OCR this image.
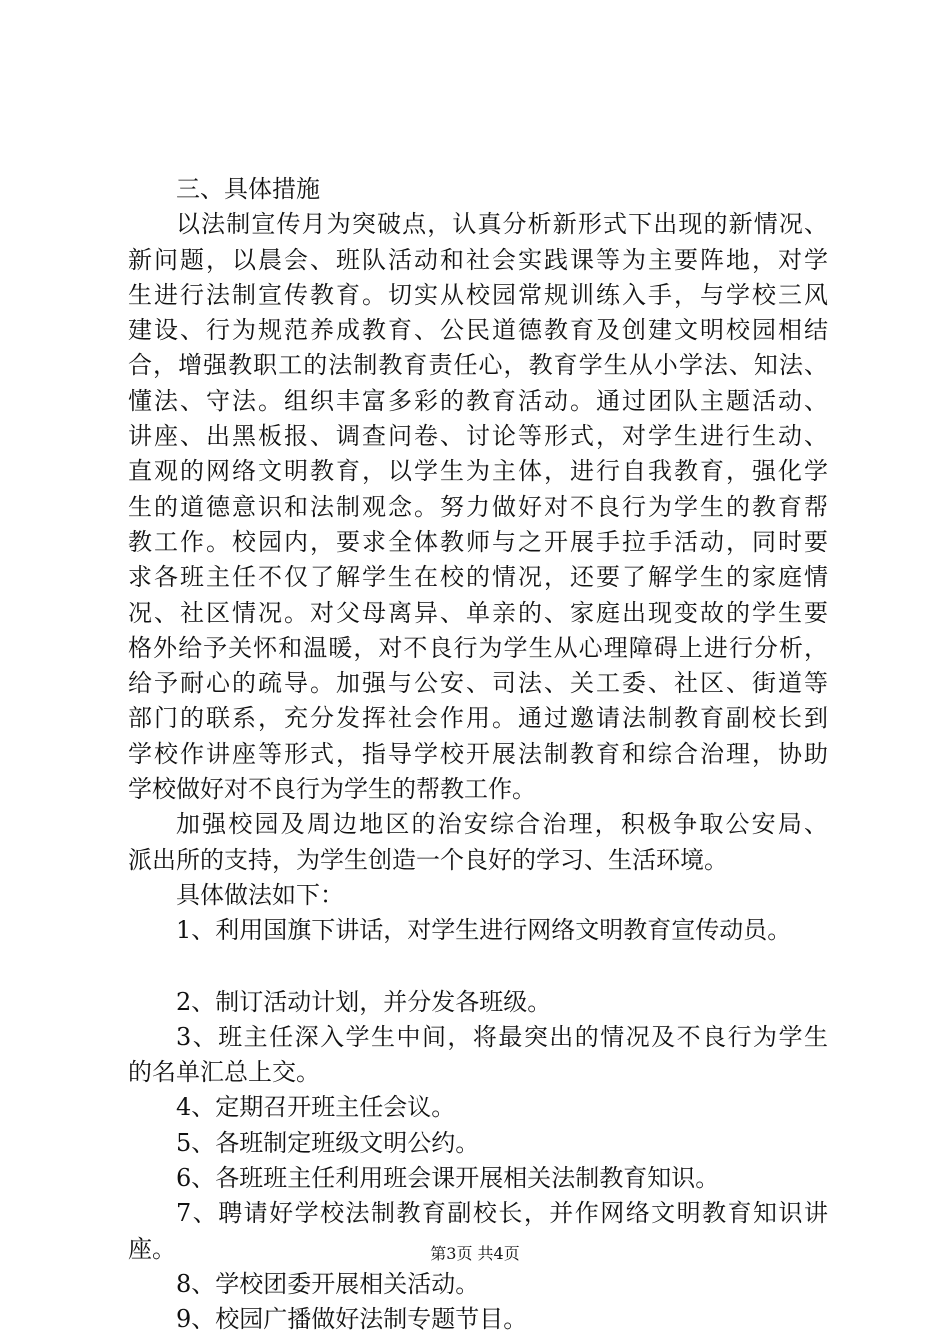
三、具体措施
以法制宣传月为突破点，认真分析新形式下出现的新情况、
新问题，以晨会、班队活动和社会实践课等为主要阵地，对学
生进行法制宣传教育。切实从校园常规训练入手，与学校三风
建设、行为规范养成教育、公民道德教育及创建文明校园相结
合，增强教职工的法制教育责任心，教育学生从小学法、知法、
懂法、守法。组织丰富多彩的教育活动。通过团队主题活动、
讲座、出黑板报、调查问卷、讨论等形式，对学生进行生动、
直观的网络文明教育，以学生为主体，进行自我教育，强化学
生的道德意识和法制观念。努力做好对不良行为学生的教育帮
教工作。校园内，要求全体教师与之开展手拉手活动，同时要
求各班主任不仅了解学生在校的情况，还要了解学生的家庭情
况、社区情况。对父母离异、单亲的、家庭出现变故的学生要
格外给予关怀和温暖，对不良行为学生从心理障碍上进行分析，
给予耐心的疏导。加强与公安、司法、关工委、社区、街道等
部门的联系，充分发挥社会作用。通过邀请法制教育副校长到
学校作讲座等形式，指导学校开展法制教育和综合治理，协助
学校做好对不良行为学生的帮教工作。
加强校园及周边地区的治安综合治理，积极争取公安局、
派出所的支持，为学生创造一个良好的学习、生活环境。
具体做法如下：
1、利用国旗下讲话，对学生进行网络文明教育宣传动员。
2、制订活动计划，并分发各班级。
3、班主任深入学生中间，将最突出的情况及不良行为学生
的名单汇总上交。
4、定期召开班主任会议。
5、各班制定班级文明公约。
6、各班班主任利用班会课开展相关法制教育知识。
7、聘请好学校法制教育副校长，并作网络文明教育知识讲
座。
8、学校团委开展相关活动。
9、校园广播做好法制专题节目。
第3页 共4页
